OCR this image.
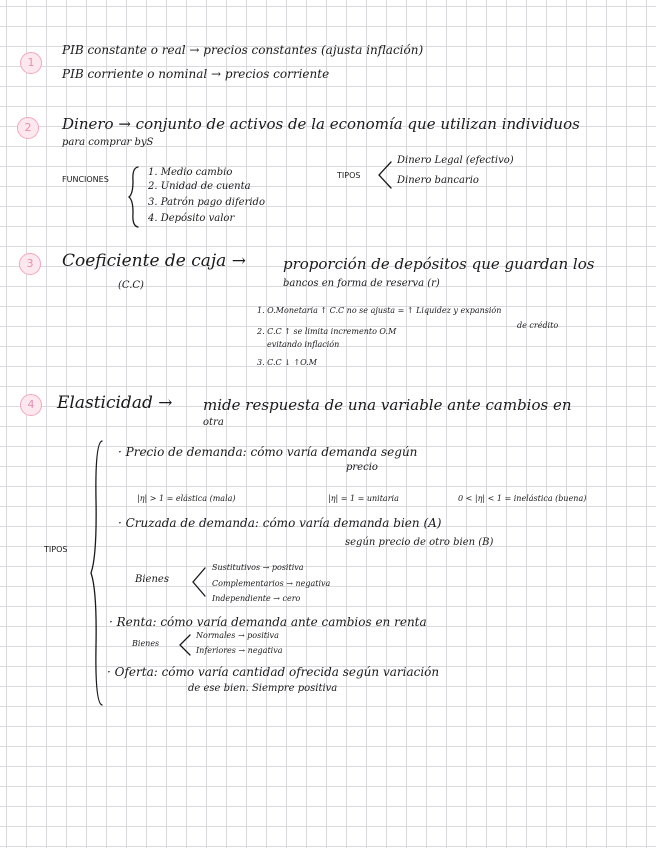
1
PIB constante o real → precios constantes (ajusta inflación)
PIB corriente o nominal → precios corriente
2	Dinero → conjunto de activos de la economía que utilizan individuos
para comprar byS
FUNCIONES
1. Medio cambio
2. Unidad de cuenta
3. Patrón pago diferido
4. Depósito valor
TIPOS
Dinero Legal (efectivo)
Dinero bancario
3	Coeficiente de caja →
(C.C)
proporción de depósitos que guardan los
bancos en forma de reserva (r)
1. O.Monetaria ↑ C.C no se ajusta = ↑ Liquidez y expansión
de crédito
2. C.C ↑ se limita incremento O.M
evitando inflación
3. C.C ↓ ↑O.M
4	Elasticidad → mide respuesta de una variable ante cambios en
otra
TIPOS
· Precio de demanda: cómo varía demanda según
precio
|η| > 1 = elástica (mala)	|η| = 1 = unitaria	0 < |η| < 1 = inelástica (buena)
· Cruzada de demanda: cómo varía demanda bien (A)
según precio de otro bien (B)
Bienes
Sustitutivos → positiva
Complementarios → negativa
Independiente → cero
· Renta: cómo varía demanda ante cambios en renta
Bienes
Normales → positiva
Inferiores → negativa
· Oferta: cómo varía cantidad ofrecida según variación
de ese bien. Siempre positiva
